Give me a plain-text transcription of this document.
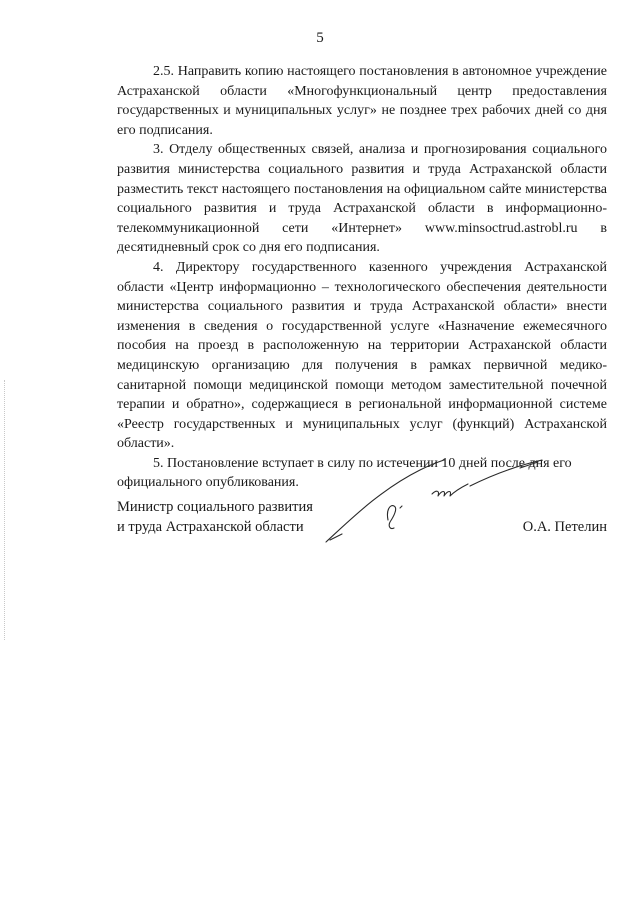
5

2.5. Направить копию настоящего постановления в автономное учреждение Астраханской области «Многофункциональный центр предоставления государственных и муниципальных услуг» не позднее трех рабочих дней со дня его подписания.

3. Отделу общественных связей, анализа и прогнозирования социального развития министерства социального развития и труда Астраханской области разместить текст настоящего постановления на официальном сайте министерства социального развития и труда Астраханской области в информационно-телекоммуникационной сети «Интернет» www.minsoctrud.astrobl.ru в десятидневный срок со дня его подписания.

4. Директору государственного казенного учреждения Астраханской области «Центр информационно – технологического обеспечения деятельности министерства социального развития и труда Астраханской области» внести изменения в сведения о государственной услуге «Назначение ежемесячного пособия на проезд в расположенную на территории Астраханской области медицинскую организацию для получения в рамках первичной медико-санитарной помощи медицинской помощи методом заместительной почечной терапии и обратно», содержащиеся в региональной информационной системе «Реестр государственных и муниципальных услуг (функций) Астраханской области».

5. Постановление вступает в силу по истечении 10 дней после дня его официального опубликования.

Министр социального развития
и труда Астраханской области	О.А. Петелин
